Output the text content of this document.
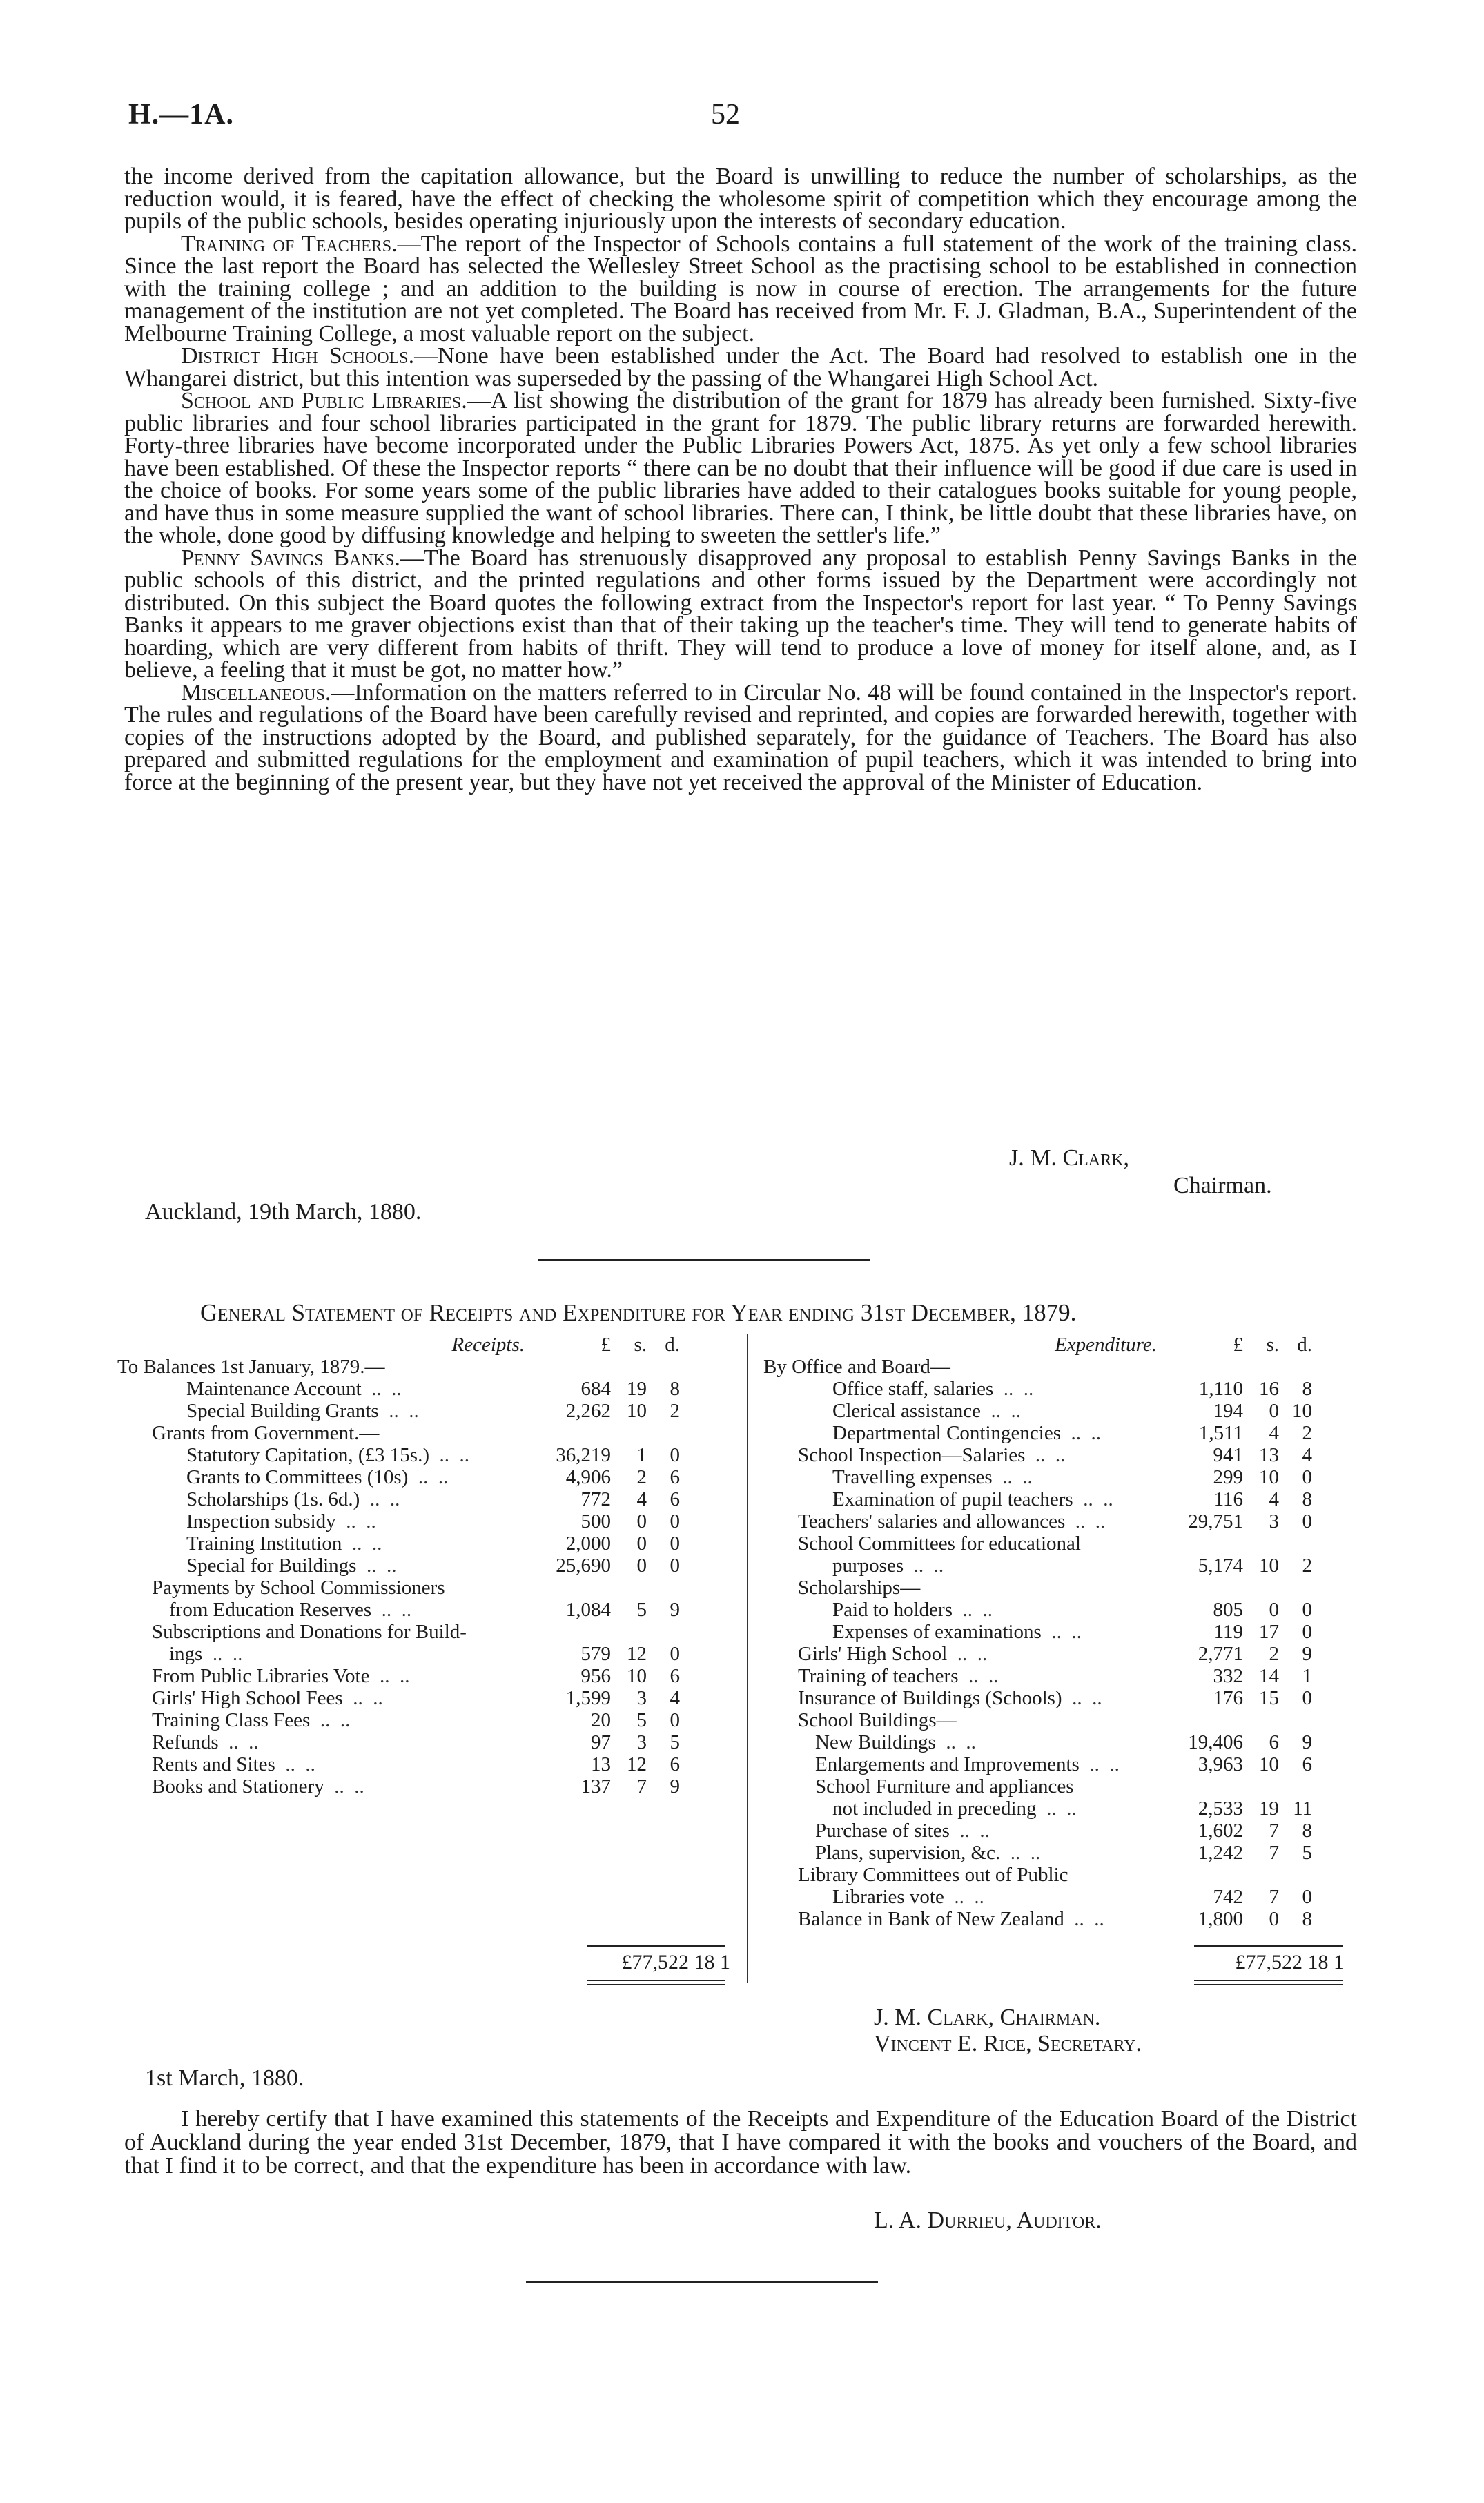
H.—1A.	52

the income derived from the capitation allowance, but the Board is unwilling to reduce the number of scholarships, as the reduction would, it is feared, have the effect of checking the wholesome spirit of competition which they encourage among the pupils of the public schools, besides operating injuriously upon the interests of secondary education.

Training of Teachers.—The report of the Inspector of Schools contains a full statement of the work of the training class. Since the last report the Board has selected the Wellesley Street School as the practising school to be established in connection with the training college ; and an addition to the building is now in course of erection. The arrangements for the future management of the institution are not yet completed. The Board has received from Mr. F. J. Gladman, B.A., Superintendent of the Melbourne Training College, a most valuable report on the subject.

District High Schools.—None have been established under the Act. The Board had resolved to establish one in the Whangarei district, but this intention was superseded by the passing of the Whangarei High School Act.

School and Public Libraries.—A list showing the distribution of the grant for 1879 has already been furnished. Sixty-five public libraries and four school libraries participated in the grant for 1879. The public library returns are forwarded herewith. Forty-three libraries have become incorporated under the Public Libraries Powers Act, 1875. As yet only a few school libraries have been established. Of these the Inspector reports “ there can be no doubt that their influence will be good if due care is used in the choice of books. For some years some of the public libraries have added to their catalogues books suitable for young people, and have thus in some measure supplied the want of school libraries. There can, I think, be little doubt that these libraries have, on the whole, done good by diffusing knowledge and helping to sweeten the settler's life.”

Penny Savings Banks.—The Board has strenuously disapproved any proposal to establish Penny Savings Banks in the public schools of this district, and the printed regulations and other forms issued by the Department were accordingly not distributed. On this subject the Board quotes the following extract from the Inspector's report for last year. “ To Penny Savings Banks it appears to me graver objections exist than that of their taking up the teacher's time. They will tend to generate habits of hoarding, which are very different from habits of thrift. They will tend to produce a love of money for itself alone, and, as I believe, a feeling that it must be got, no matter how.”

Miscellaneous.—Information on the matters referred to in Circular No. 48 will be found contained in the Inspector's report. The rules and regulations of the Board have been carefully revised and reprinted, and copies are forwarded herewith, together with copies of the instructions adopted by the Board, and published separately, for the guidance of Teachers. The Board has also prepared and submitted regulations for the employment and examination of pupil teachers, which it was intended to bring into force at the beginning of the present year, but they have not yet received the approval of the Minister of Education.

J. M. Clark,
Chairman.
Auckland, 19th March, 1880.
General Statement of Receipts and Expenditure for Year ending 31st December, 1879.
Receipts.	£	s.	d.
To Balances 1st January, 1879.—			
Maintenance Account  ..  ..	684	19	8
Special Building Grants  ..  ..	2,262	10	2
Grants from Government.—			
Statutory Capitation, (£3 15s.)  ..  ..	36,219	1	0
Grants to Committees (10s)  ..  ..	4,906	2	6
Scholarships (1s. 6d.)  ..  ..	772	4	6
Inspection subsidy  ..  ..	500	0	0
Training Institution  ..  ..	2,000	0	0
Special for Buildings  ..  ..	25,690	0	0
Payments by School Commissioners			
from Education Reserves  ..  ..	1,084	5	9
Subscriptions and Donations for Build-			
ings  ..  ..	579	12	0
From Public Libraries Vote  ..  ..	956	10	6
Girls' High School Fees  ..  ..	1,599	3	4
Training Class Fees  ..  ..	20	5	0
Refunds  ..  ..	97	3	5
Rents and Sites  ..  ..	13	12	6
Books and Stationery  ..  ..	137	7	9
Expenditure.	£	s.	d.
By Office and Board—			
Office staff, salaries  ..  ..	1,110	16	8
Clerical assistance  ..  ..	194	0	10
Departmental Contingencies  ..  ..	1,511	4	2
School Inspection—Salaries  ..  ..	941	13	4
Travelling expenses  ..  ..	299	10	0
Examination of pupil teachers  ..  ..	116	4	8
Teachers' salaries and allowances  ..  ..	29,751	3	0
School Committees for educational			
purposes  ..  ..	5,174	10	2
Scholarships—			
Paid to holders  ..  ..	805	0	0
Expenses of examinations  ..  ..	119	17	0
Girls' High School  ..  ..	2,771	2	9
Training of teachers  ..  ..	332	14	1
Insurance of Buildings (Schools)  ..  ..	176	15	0
School Buildings—			
New Buildings  ..  ..	19,406	6	9
Enlargements and Improvements  ..  ..	3,963	10	6
School Furniture and appliances			
not included in preceding  ..  ..	2,533	19	11
Purchase of sites  ..  ..	1,602	7	8
Plans, supervision, &c.  ..  ..	1,242	7	5
Library Committees out of Public			
Libraries vote  ..  ..	742	7	0
Balance in Bank of New Zealand  ..  ..	1,800	0	8
£77,522 18 1	£77,522 18 1
J. M. Clark, Chairman.
Vincent E. Rice, Secretary.
1st March, 1880.
I hereby certify that I have examined this statements of the Receipts and Expenditure of the Education Board of the District of Auckland during the year ended 31st December, 1879, that I have compared it with the books and vouchers of the Board, and that I find it to be correct, and that the expenditure has been in accordance with law.
L. A. Durrieu, Auditor.
